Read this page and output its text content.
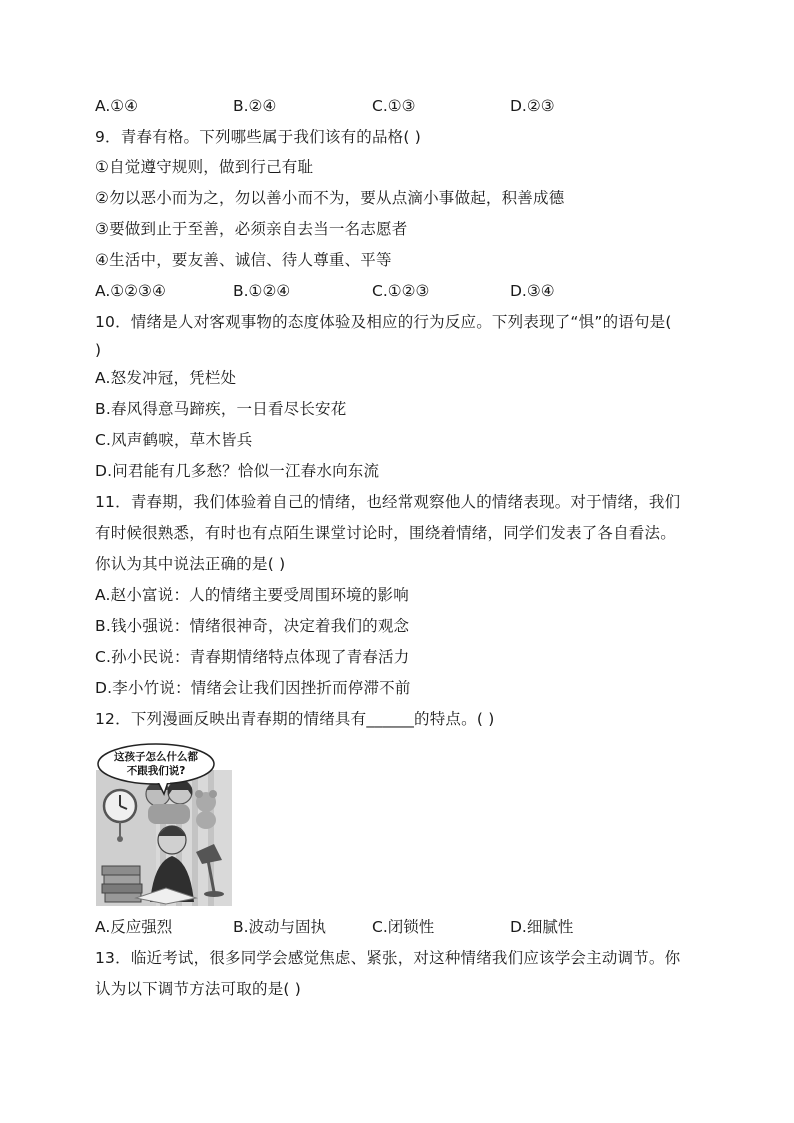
A.①④	B.②④	C.①③	D.②③
9．青春有格。下列哪些属于我们该有的品格( )
①自觉遵守规则，做到行己有耻
②勿以恶小而为之，勿以善小而不为，要从点滴小事做起，积善成德
③要做到止于至善，必须亲自去当一名志愿者
④生活中，要友善、诚信、待人尊重、平等
A.①②③④	B.①②④	C.①②③	D.③④
10．情绪是人对客观事物的态度体验及相应的行为反应。下列表现了“惧”的语句是(
)
A.怒发冲冠，凭栏处
B.春风得意马蹄疾，一日看尽长安花
C.风声鹤唳，草木皆兵
D.问君能有几多愁？恰似一江春水向东流
11．青春期，我们体验着自己的情绪，也经常观察他人的情绪表现。对于情绪，我们
有时候很熟悉，有时也有点陌生课堂讨论时，围绕着情绪，同学们发表了各自看法。
你认为其中说法正确的是( )
A.赵小富说：人的情绪主要受周围环境的影响
B.钱小强说：情绪很神奇，决定着我们的观念
C.孙小民说：青春期情绪特点体现了青春活力
D.李小竹说：情绪会让我们因挫折而停滞不前
12．下列漫画反映出青春期的情绪具有______的特点。( )
这孩子怎么什么都
不跟我们说?
A.反应强烈	B.波动与固执	C.闭锁性	D.细腻性
13．临近考试，很多同学会感觉焦虑、紧张，对这种情绪我们应该学会主动调节。你
认为以下调节方法可取的是( )
